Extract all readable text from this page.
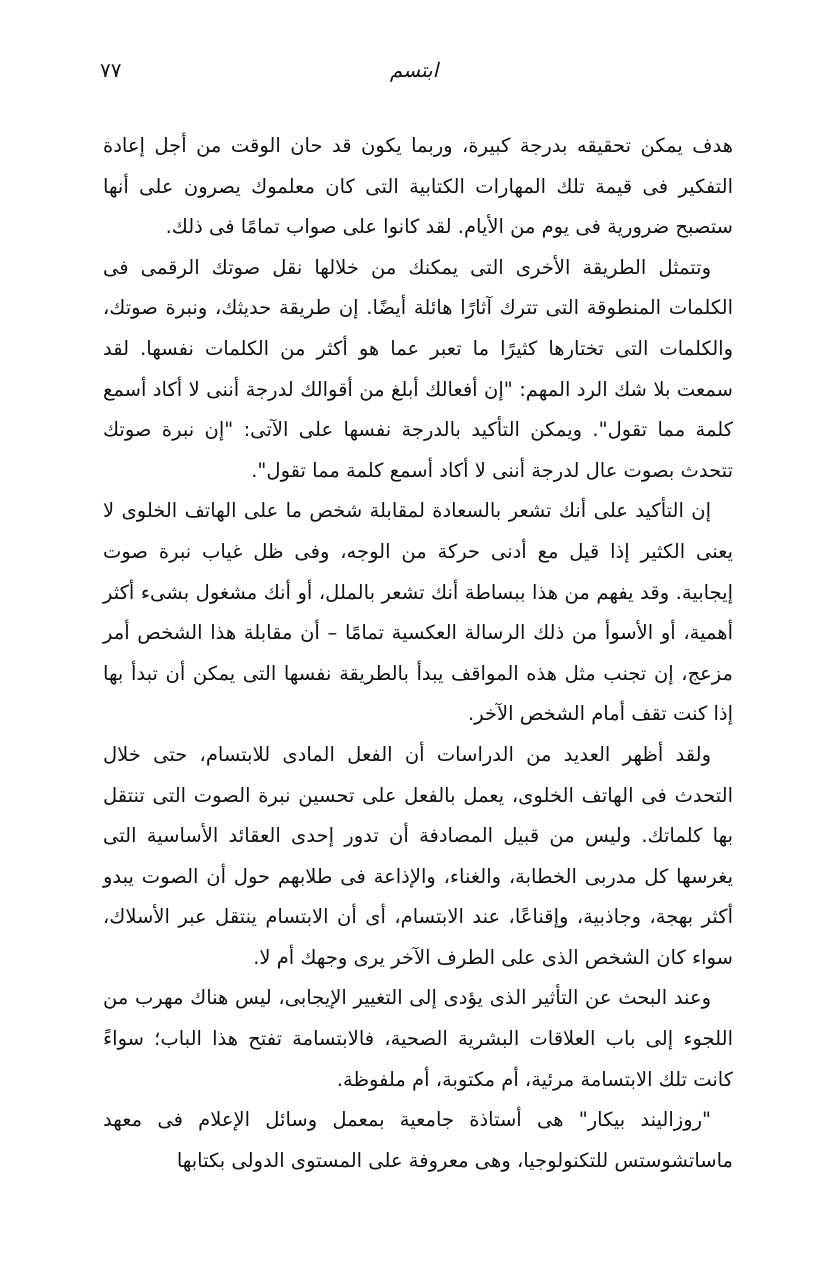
٧٧	ابتسم

هدف يمكن تحقيقه بدرجة كبيرة، وربما يكون قد حان الوقت من أجل إعادة التفكير فى قيمة تلك المهارات الكتابية التى كان معلموك يصرون على أنها ستصبح ضرورية فى يوم من الأيام. لقد كانوا على صواب تمامًا فى ذلك.

وتتمثل الطريقة الأخرى التى يمكنك من خلالها نقل صوتك الرقمى فى الكلمات المنطوقة التى تترك آثارًا هائلة أيضًا. إن طريقة حديثك، ونبرة صوتك، والكلمات التى تختارها كثيرًا ما تعبر عما هو أكثر من الكلمات نفسها. لقد سمعت بلا شك الرد المهم: "إن أفعالك أبلغ من أقوالك لدرجة أننى لا أكاد أسمع كلمة مما تقول". ويمكن التأكيد بالدرجة نفسها على الآتى: "إن نبرة صوتك تتحدث بصوت عال لدرجة أننى لا أكاد أسمع كلمة مما تقول".

إن التأكيد على أنك تشعر بالسعادة لمقابلة شخص ما على الهاتف الخلوى لا يعنى الكثير إذا قيل مع أدنى حركة من الوجه، وفى ظل غياب نبرة صوت إيجابية. وقد يفهم من هذا ببساطة أنك تشعر بالملل، أو أنك مشغول بشىء أكثر أهمية، أو الأسوأ من ذلك الرسالة العكسية تمامًا – أن مقابلة هذا الشخص أمر مزعج، إن تجنب مثل هذه المواقف يبدأ بالطريقة نفسها التى يمكن أن تبدأ بها إذا كنت تقف أمام الشخص الآخر.

ولقد أظهر العديد من الدراسات أن الفعل المادى للابتسام، حتى خلال التحدث فى الهاتف الخلوى، يعمل بالفعل على تحسين نبرة الصوت التى تنتقل بها كلماتك. وليس من قبيل المصادفة أن تدور إحدى العقائد الأساسية التى يغرسها كل مدربى الخطابة، والغناء، والإذاعة فى طلابهم حول أن الصوت يبدو أكثر بهجة، وجاذبية، وإقناعًا، عند الابتسام، أى أن الابتسام ينتقل عبر الأسلاك، سواء كان الشخص الذى على الطرف الآخر يرى وجهك أم لا.

وعند البحث عن التأثير الذى يؤدى إلى التغيير الإيجابى، ليس هناك مهرب من اللجوء إلى باب العلاقات البشرية الصحية، فالابتسامة تفتح هذا الباب؛ سواءً كانت تلك الابتسامة مرئية، أم مكتوبة، أم ملفوظة.

"روزاليند بيكار" هى أستاذة جامعية بمعمل وسائل الإعلام فى معهد ماساتشوستس للتكنولوجيا، وهى معروفة على المستوى الدولى بكتابها
